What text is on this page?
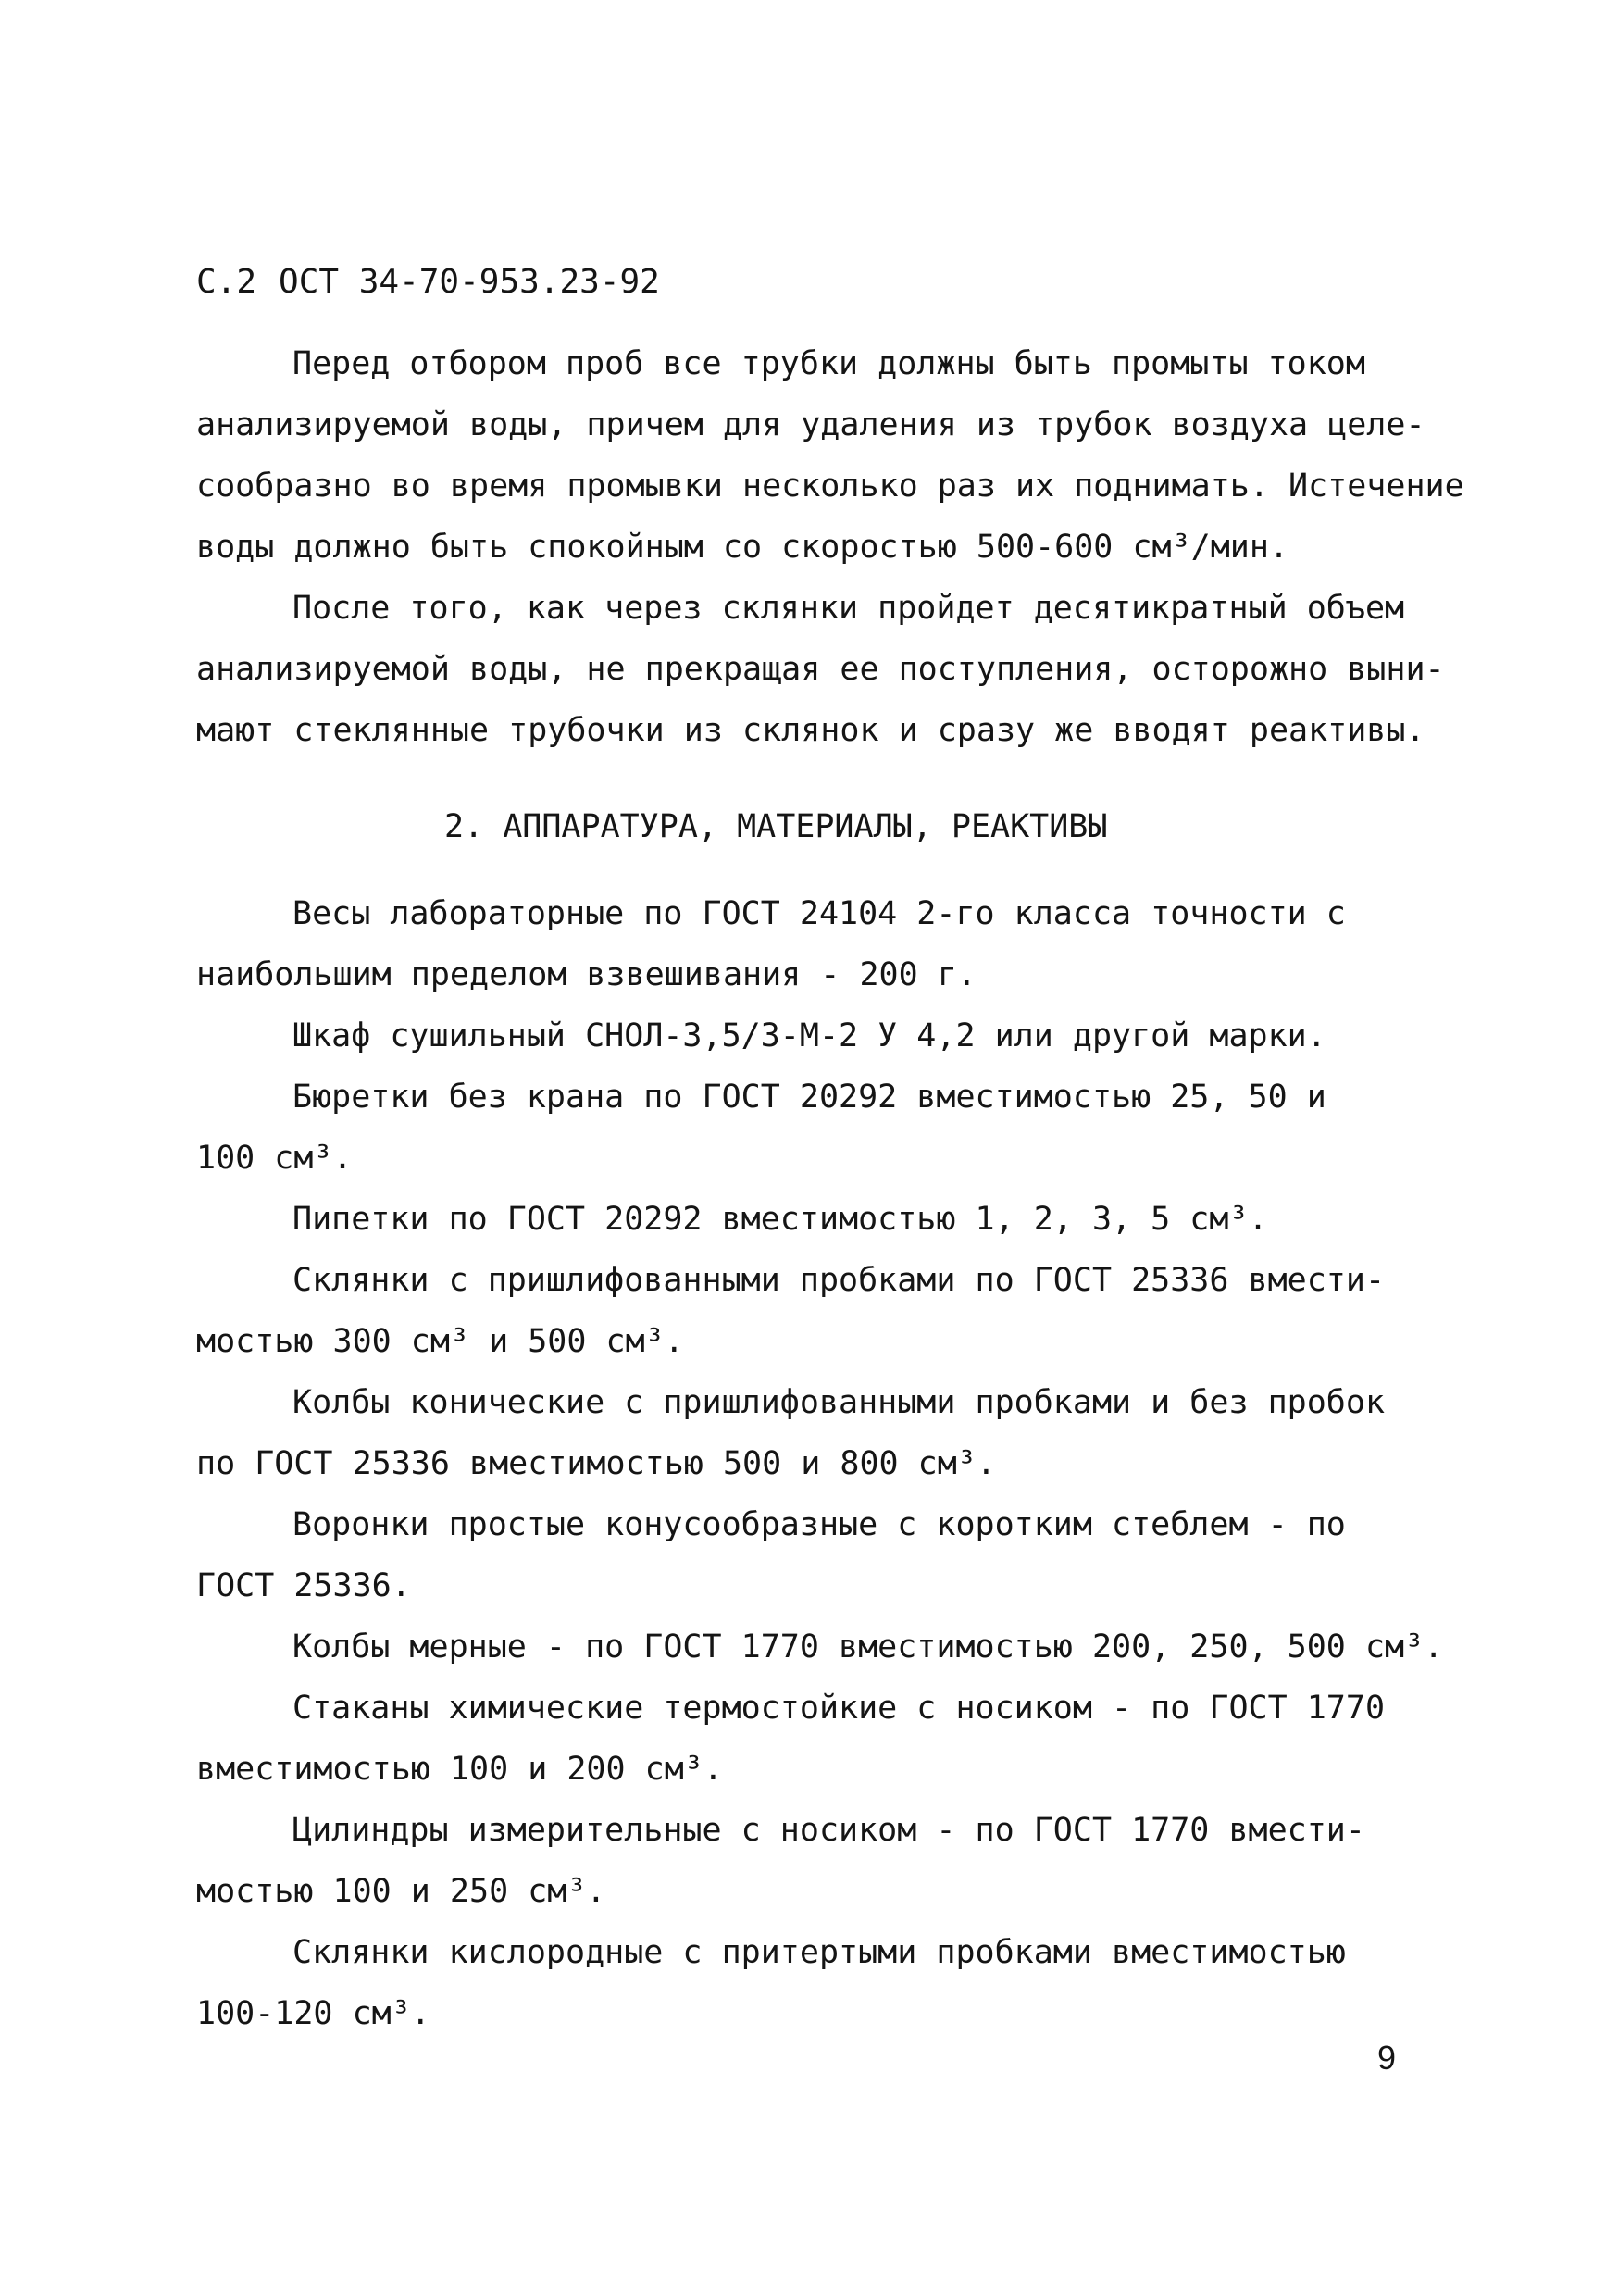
С.2 ОСТ 34-70-953.23-92
Перед отбором проб все трубки должны быть промыты током
анализируемой воды, причем для удаления из трубок воздуха целе-
сообразно во время промывки несколько раз их поднимать. Истечение
воды должно быть спокойным со скоростью 500-600 см³/мин.
После того, как через склянки пройдет десятикратный объем
анализируемой воды, не прекращая ее поступления, осторожно выни-
мают стеклянные трубочки из склянок и сразу же вводят реактивы.
2. АППАРАТУРА, МАТЕРИАЛЫ, РЕАКТИВЫ
Весы лабораторные по ГОСТ 24104 2-го класса точности с
наибольшим пределом взвешивания - 200 г.
Шкаф сушильный СНОЛ-3,5/3-М-2 У 4,2 или другой марки.
Бюретки без крана по ГОСТ 20292 вместимостью 25, 50 и
100 см³.
Пипетки по ГОСТ 20292 вместимостью 1, 2, 3, 5 см³.
Склянки с пришлифованными пробками по ГОСТ 25336 вмести-
мостью 300 см³ и 500 см³.
Колбы конические с пришлифованными пробками и без пробок
по ГОСТ 25336 вместимостью 500 и 800 см³.
Воронки простые конусообразные с коротким стеблем - по
ГОСТ 25336.
Колбы мерные - по ГОСТ 1770 вместимостью 200, 250, 500 см³.
Стаканы химические термостойкие с носиком - по ГОСТ 1770
вместимостью 100 и 200 см³.
Цилиндры измерительные с носиком - по ГОСТ 1770 вмести-
мостью 100 и 250 см³.
Склянки кислородные с притертыми пробками вместимостью
100-120 см³.
9
